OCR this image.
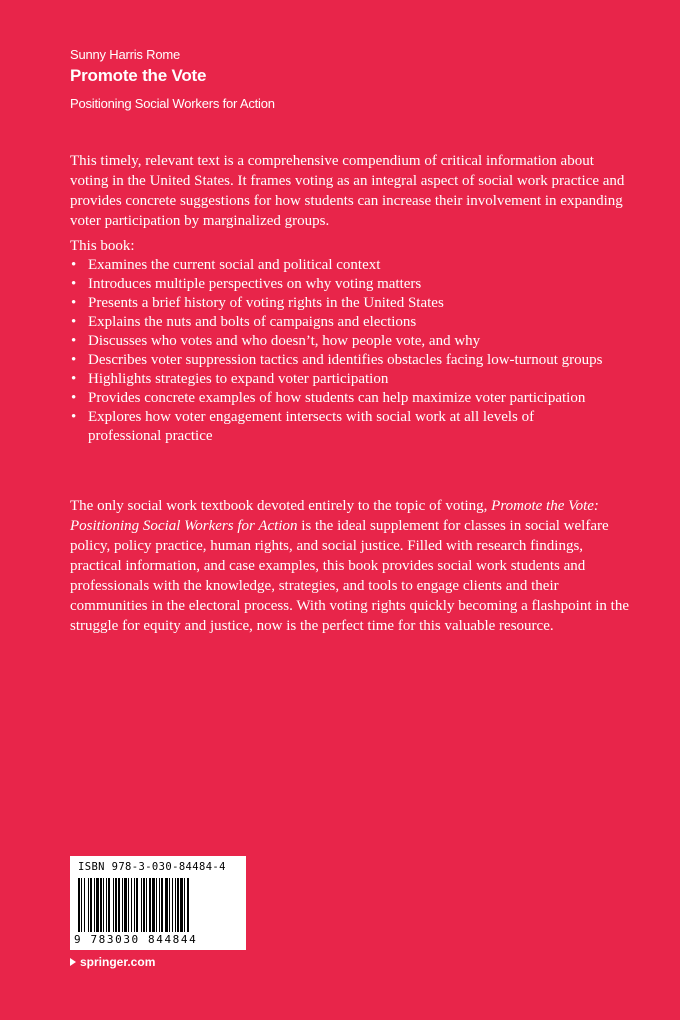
Sunny Harris Rome
Promote the Vote
Positioning Social Workers for Action

This timely, relevant text is a comprehensive compendium of critical information about voting in the United States. It frames voting as an integral aspect of social work practice and provides concrete suggestions for how students can increase their involvement in expanding voter participation by marginalized groups.

This book:
• Examines the current social and political context
• Introduces multiple perspectives on why voting matters
• Presents a brief history of voting rights in the United States
• Explains the nuts and bolts of campaigns and elections
• Discusses who votes and who doesn’t, how people vote, and why
• Describes voter suppression tactics and identifies obstacles facing low-turnout groups
• Highlights strategies to expand voter participation
• Provides concrete examples of how students can help maximize voter participation
• Explores how voter engagement intersects with social work at all levels of professional practice

The only social work textbook devoted entirely to the topic of voting, Promote the Vote: Positioning Social Workers for Action is the ideal supplement for classes in social welfare policy, policy practice, human rights, and social justice. Filled with research findings, practical information, and case examples, this book provides social work students and professionals with the knowledge, strategies, and tools to engage clients and their communities in the electoral process. With voting rights quickly becoming a flashpoint in the struggle for equity and justice, now is the perfect time for this valuable resource.

ISBN 978-3-030-84484-4
9 783030 844844
springer.com
